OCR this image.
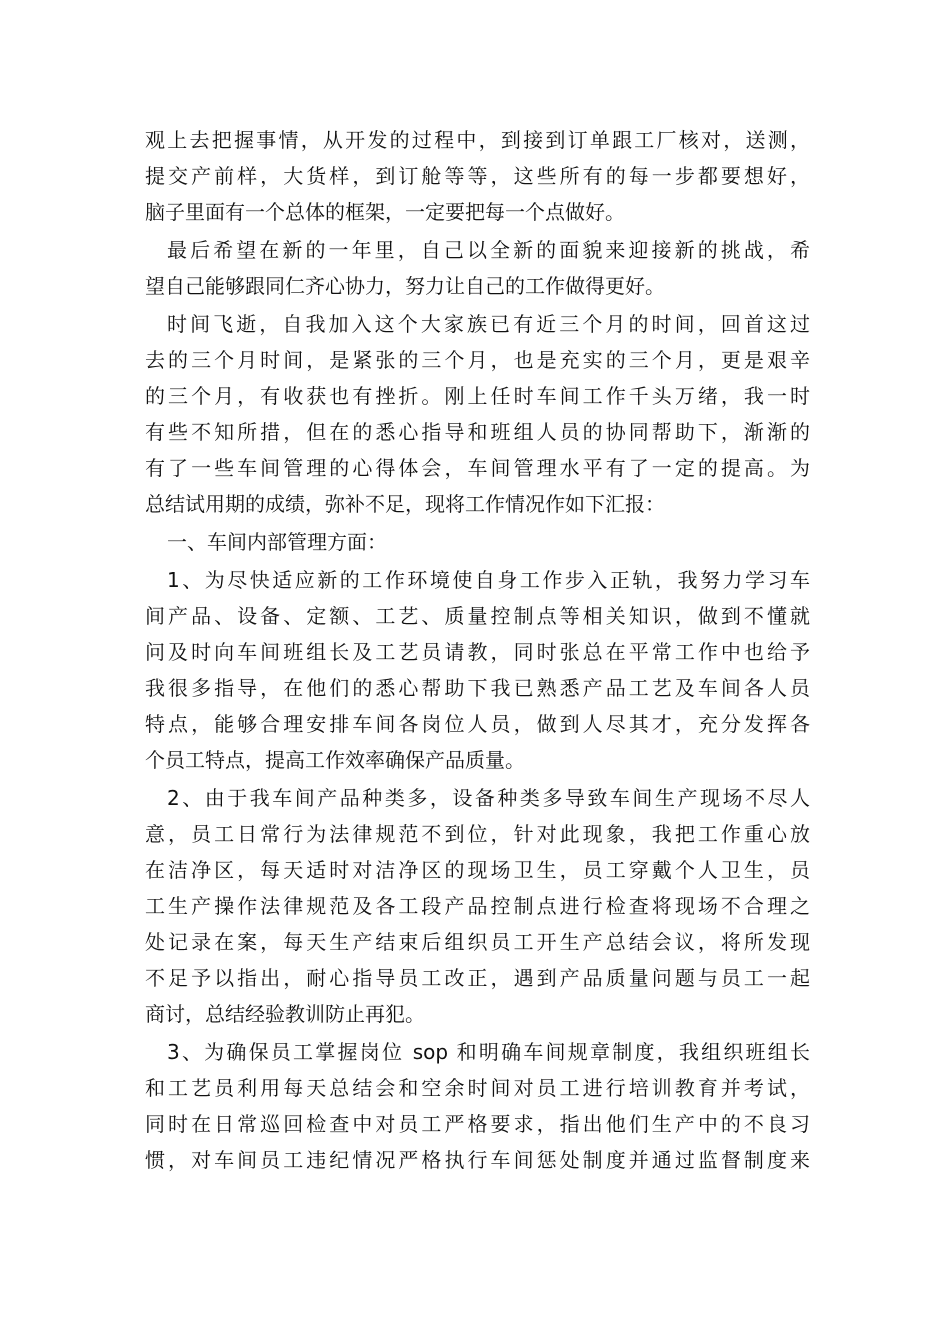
观上去把握事情，从开发的过程中，到接到订单跟工厂核对，送测，
提交产前样，大货样，到订舱等等，这些所有的每一步都要想好，
脑子里面有一个总体的框架，一定要把每一个点做好。
最后希望在新的一年里，自己以全新的面貌来迎接新的挑战，希
望自己能够跟同仁齐心协力，努力让自己的工作做得更好。
时间飞逝，自我加入这个大家族已有近三个月的时间，回首这过
去的三个月时间，是紧张的三个月，也是充实的三个月，更是艰辛
的三个月，有收获也有挫折。刚上任时车间工作千头万绪，我一时
有些不知所措，但在的悉心指导和班组人员的协同帮助下，渐渐的
有了一些车间管理的心得体会，车间管理水平有了一定的提高。为
总结试用期的成绩，弥补不足，现将工作情况作如下汇报：
一、车间内部管理方面：
1、为尽快适应新的工作环境使自身工作步入正轨，我努力学习车
间产品、设备、定额、工艺、质量控制点等相关知识，做到不懂就
问及时向车间班组长及工艺员请教，同时张总在平常工作中也给予
我很多指导，在他们的悉心帮助下我已熟悉产品工艺及车间各人员
特点，能够合理安排车间各岗位人员，做到人尽其才，充分发挥各
个员工特点，提高工作效率确保产品质量。
2、由于我车间产品种类多，设备种类多导致车间生产现场不尽人
意，员工日常行为法律规范不到位，针对此现象，我把工作重心放
在洁净区，每天适时对洁净区的现场卫生，员工穿戴个人卫生，员
工生产操作法律规范及各工段产品控制点进行检查将现场不合理之
处记录在案，每天生产结束后组织员工开生产总结会议，将所发现
不足予以指出，耐心指导员工改正，遇到产品质量问题与员工一起
商讨，总结经验教训防止再犯。
3、为确保员工掌握岗位 sop 和明确车间规章制度，我组织班组长
和工艺员利用每天总结会和空余时间对员工进行培训教育并考试，
同时在日常巡回检查中对员工严格要求，指出他们生产中的不良习
惯，对车间员工违纪情况严格执行车间惩处制度并通过监督制度来
